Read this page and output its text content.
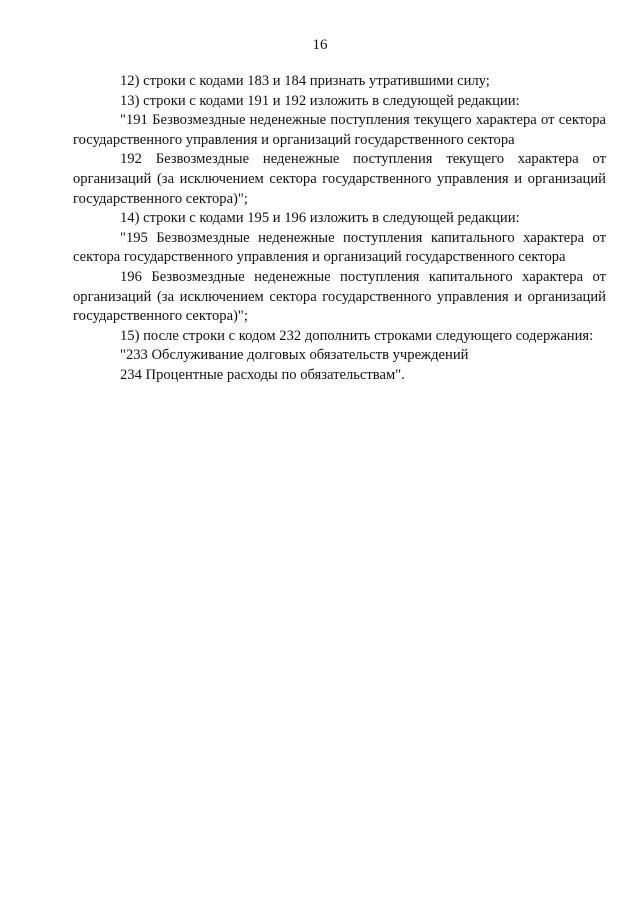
16

12) строки с кодами 183 и 184 признать утратившими силу;

13) строки с кодами 191 и 192 изложить в следующей редакции:

"191 Безвозмездные неденежные поступления текущего характера от сектора государственного управления и организаций государственного сектора

192 Безвозмездные неденежные поступления текущего характера от организаций (за исключением сектора государственного управления и организаций государственного сектора)";

14) строки с кодами 195 и 196 изложить в следующей редакции:

"195 Безвозмездные неденежные поступления капитального характера от сектора государственного управления и организаций государственного сектора

196 Безвозмездные неденежные поступления капитального характера от организаций (за исключением сектора государственного управления и организаций государственного сектора)";

15) после строки с кодом 232 дополнить строками следующего содержания:

"233 Обслуживание долговых обязательств учреждений

234 Процентные расходы по обязательствам".
